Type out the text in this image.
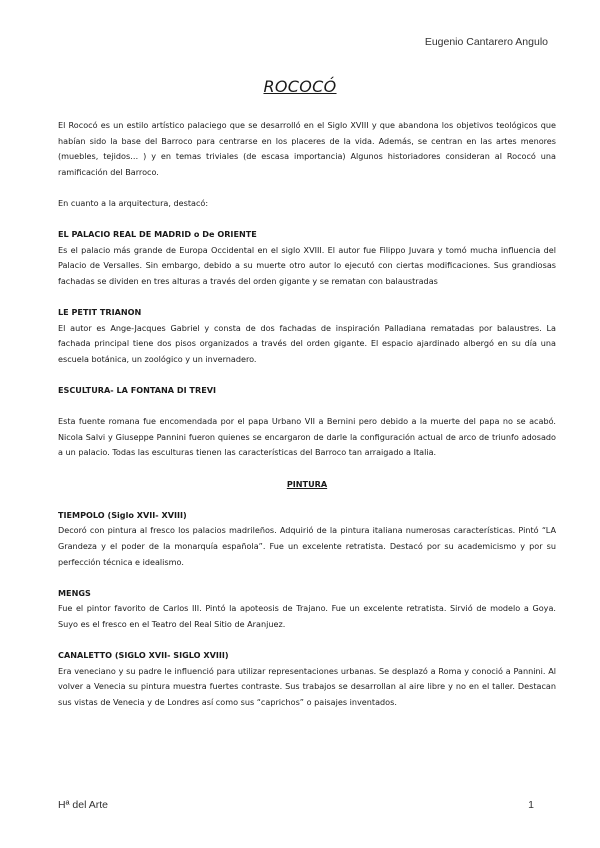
Eugenio Cantarero Angulo
ROCOCÓ

El Rococó es un estilo artístico palaciego que se desarrolló en el Siglo XVIII y que abandona los objetivos teológicos que habían sido la base del Barroco para centrarse en los placeres de la vida. Además, se centran en las artes menores (muebles, tejidos… ) y en temas triviales (de escasa importancia) Algunos historiadores consideran al Rococó una ramificación del Barroco.

En cuanto a la arquitectura, destacó:

EL PALACIO REAL DE MADRID o De ORIENTE

Es el palacio más grande de Europa Occidental en el siglo XVIII. El autor fue Filippo Juvara y tomó mucha influencia del Palacio de Versalles. Sin embargo, debido a su muerte otro autor lo ejecutó con ciertas modificaciones. Sus grandiosas fachadas se dividen en tres alturas a través del orden gigante y se rematan con balaustradas

LE PETIT TRIANON

El autor es Ange-Jacques Gabriel y consta de dos fachadas de inspiración Palladiana rematadas por balaustres. La fachada principal tiene dos pisos organizados a través del orden gigante. El espacio ajardinado albergó en su día una escuela botánica, un zoológico y un invernadero.

ESCULTURA- LA FONTANA DI TREVI

Esta fuente romana fue encomendada por el papa Urbano VII a Bernini pero debido a la muerte del papa no se acabó. Nicola Salvi y Giuseppe Pannini fueron quienes se encargaron de darle la configuración actual de arco de triunfo adosado a un palacio. Todas las esculturas tienen las características del Barroco tan arraigado a Italia.

PINTURA

TIEMPOLO (Siglo XVII- XVIII)

Decoró con pintura al fresco los palacios madrileños. Adquirió de la pintura italiana numerosas características. Pintó “LA Grandeza y el poder de la monarquía española”. Fue un excelente retratista. Destacó por su academicismo y por su perfección técnica e idealismo.

MENGS

Fue el pintor favorito de Carlos III. Pintó la apoteosis de Trajano. Fue un excelente retratista. Sirvió de modelo a Goya. Suyo es el fresco en el Teatro del Real Sitio de Aranjuez.

CANALETTO (SIGLO XVII- SIGLO XVIII)

Era veneciano y su padre le influenció para utilizar representaciones urbanas. Se desplazó a Roma y conoció a Pannini. Al volver a Venecia su pintura muestra fuertes contraste. Sus trabajos se desarrollan al aire libre y no en el taller. Destacan sus vistas de Venecia y de Londres así como sus “caprichos” o paisajes inventados.

Hª del Arte	1
